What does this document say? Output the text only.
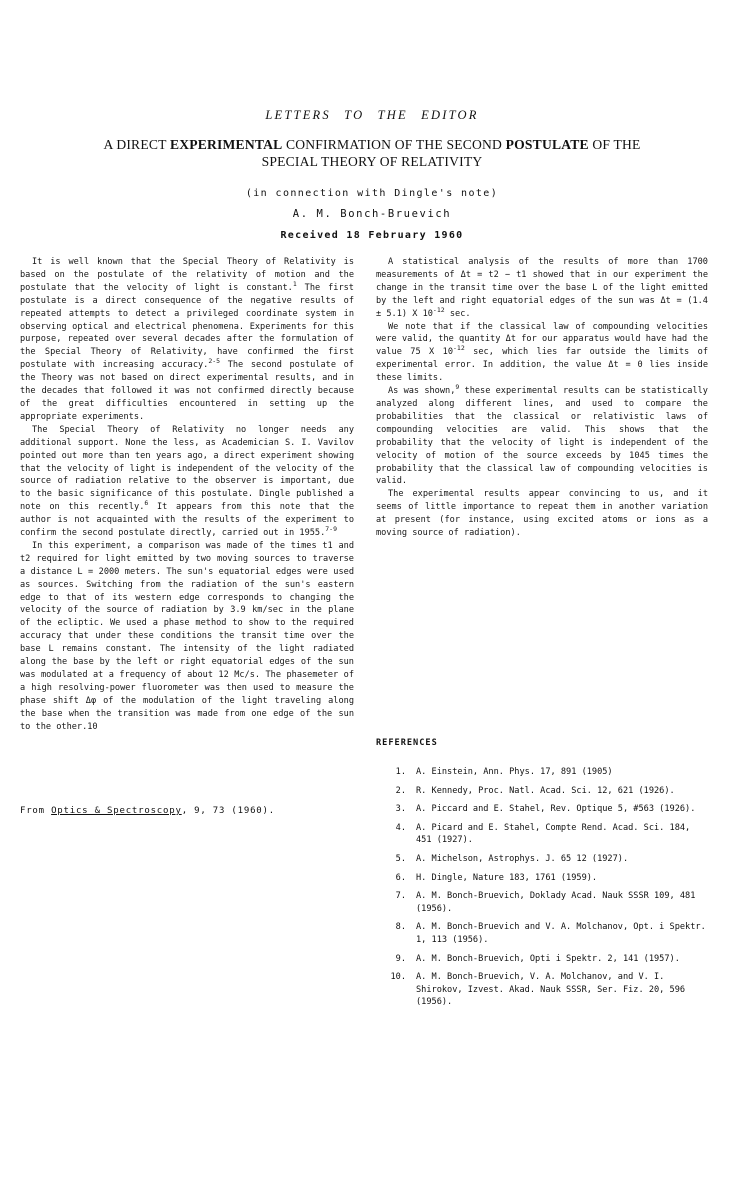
LETTERS TO THE EDITOR
A DIRECT EXPERIMENTAL CONFIRMATION OF THE SECOND POSTULATE OF THE
SPECIAL THEORY OF RELATIVITY
(in connection with Dingle's note)
A. M. Bonch-Bruevich
Received 18 February 1960

It is well known that the Special Theory of Relativity is based on the postulate of the relativity of motion and the postulate that the velocity of light is constant.$^1$ The first postulate is a direct consequence of the negative results of repeated attempts to detect a privileged coordinate system in observing optical and electrical phenomena. Experiments for this purpose, repeated over several decades after the formulation of the Special Theory of Relativity, have confirmed the first postulate with increasing accuracy.$^{2-5}$ The second postulate of the Theory was not based on direct experimental results, and in the decades that followed it was not confirmed directly because of the great difficulties encountered in setting up the appropriate experiments.

The Special Theory of Relativity no longer needs any additional support. None the less, as Academician S. I. Vavilov pointed out more than ten years ago, a direct experiment showing that the velocity of light is independent of the velocity of the source of radiation relative to the observer is important, due to the basic significance of this postulate. Dingle published a note on this recently.$^6$ It appears from this note that the author is not acquainted with the results of the experiment to confirm the second postulate directly, carried out in 1955.$^{7-9}$

In this experiment, a comparison was made of the times t1 and t2 required for light emitted by two moving sources to traverse a distance L = 2000 meters. The sun's equatorial edges were used as sources. Switching from the radiation of the sun's eastern edge to that of its western edge corresponds to changing the velocity of the source of radiation by 3.9 km/sec in the plane of the ecliptic. We used a phase method to show to the required accuracy that under these conditions the transit time over the base L remains constant. The intensity of the light radiated along the base by the left or right equatorial edges of the sun was modulated at a frequency of about 12 Mc/s. The phasemeter of a high resolving-power fluorometer was then used to measure the phase shift Δφ of the modulation of the light traveling along the base when the transition was made from one edge of the sun to the other.10

From Optics & Spectroscopy, 9, 73 (1960).

A statistical analysis of the results of more than 1700 measurements of Δt = t2 − t1 showed that in our experiment the change in the transit time over the base L of the light emitted by the left and right equatorial edges of the sun was Δt = (1.4 ± 5.1) X $10^{-12}$ sec.

We note that if the classical law of compounding velocities were valid, the quantity Δt for our apparatus would have had the value 75 X $10^{-12}$ sec, which lies far outside the limits of experimental error. In addition, the value Δt = 0 lies inside these limits.

As was shown,$^9$ these experimental results can be statistically analyzed along different lines, and used to compare the probabilities that the classical or relativistic laws of compounding velocities are valid. This shows that the probability that the velocity of light is independent of the velocity of motion of the source exceeds by 1045 times the probability that the classical law of compounding velocities is valid.

The experimental results appear convincing to us, and it seems of little importance to repeat them in another variation at present (for instance, using excited atoms or ions as a moving source of radiation).

REFERENCES
1. A. Einstein, Ann. Phys. 17, 891 (1905)
2. R. Kennedy, Proc. Natl. Acad. Sci. 12, 621 (1926).
3. A. Piccard and E. Stahel, Rev. Optique 5, #563 (1926).
4. A. Picard and E. Stahel, Compte Rend. Acad. Sci. 184, 451 (1927).
5. A. Michelson, Astrophys. J. 65 12 (1927).
6. H. Dingle, Nature 183, 1761 (1959).
7. A. M. Bonch-Bruevich, Doklady Acad. Nauk SSSR 109, 481 (1956).
8. A. M. Bonch-Bruevich and V. A. Molchanov, Opt. i Spektr. 1, 113 (1956).
9. A. M. Bonch-Bruevich, Opti i Spektr. 2, 141 (1957).
10. A. M. Bonch-Bruevich, V. A. Molchanov, and V. I. Shirokov, Izvest. Akad. Nauk SSSR, Ser. Fiz. 20, 596 (1956).
